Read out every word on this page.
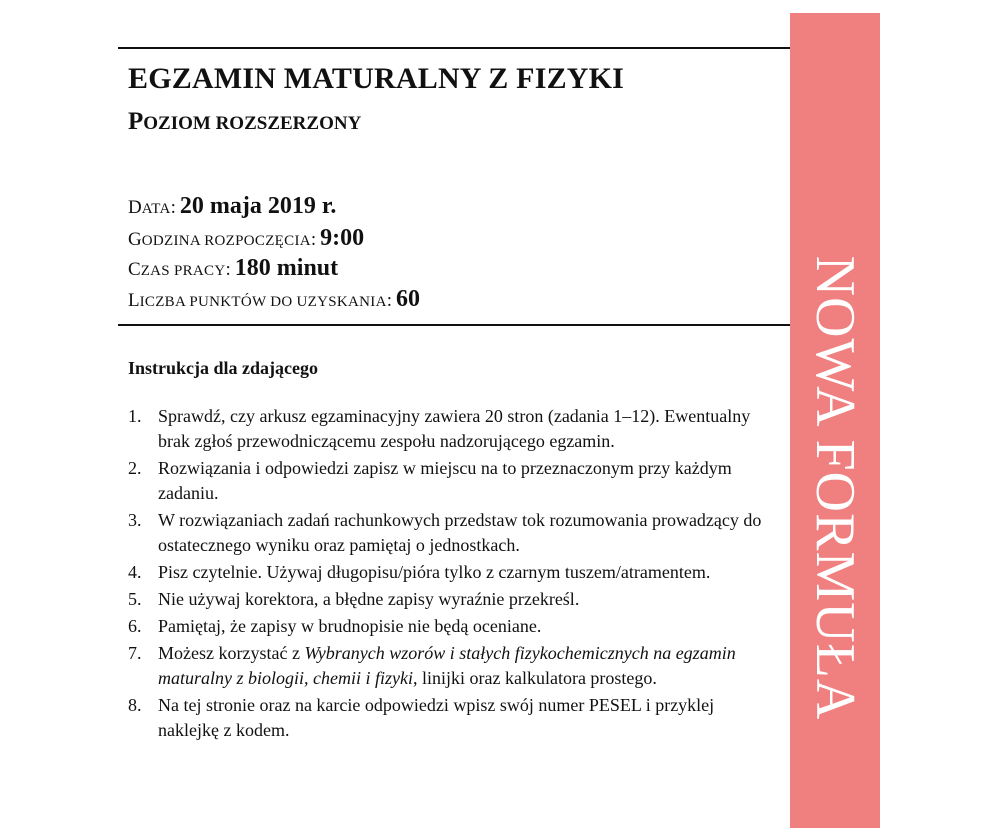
EGZAMIN MATURALNY Z FIZYKI
POZIOM ROZSZERZONY
DATA: 20 maja 2019 r.
GODZINA ROZPOCZĘCIA: 9:00
CZAS PRACY: 180 minut
LICZBA PUNKTÓW DO UZYSKANIA: 60
Instrukcja dla zdającego
1. Sprawdź, czy arkusz egzaminacyjny zawiera 20 stron (zadania 1–12). Ewentualny brak zgłoś przewodniczącemu zespołu nadzorującego egzamin.
2. Rozwiązania i odpowiedzi zapisz w miejscu na to przeznaczonym przy każdym zadaniu.
3. W rozwiązaniach zadań rachunkowych przedstaw tok rozumowania prowadzący do ostatecznego wyniku oraz pamiętaj o jednostkach.
4. Pisz czytelnie. Używaj długopisu/pióra tylko z czarnym tuszem/atramentem.
5. Nie używaj korektora, a błędne zapisy wyraźnie przekreśl.
6. Pamiętaj, że zapisy w brudnopisie nie będą oceniane.
7. Możesz korzystać z Wybranych wzorów i stałych fizykochemicznych na egzamin maturalny z biologii, chemii i fizyki, linijki oraz kalkulatora prostego.
8. Na tej stronie oraz na karcie odpowiedzi wpisz swój numer PESEL i przyklej naklejkę z kodem.
NOWA FORMUŁA
